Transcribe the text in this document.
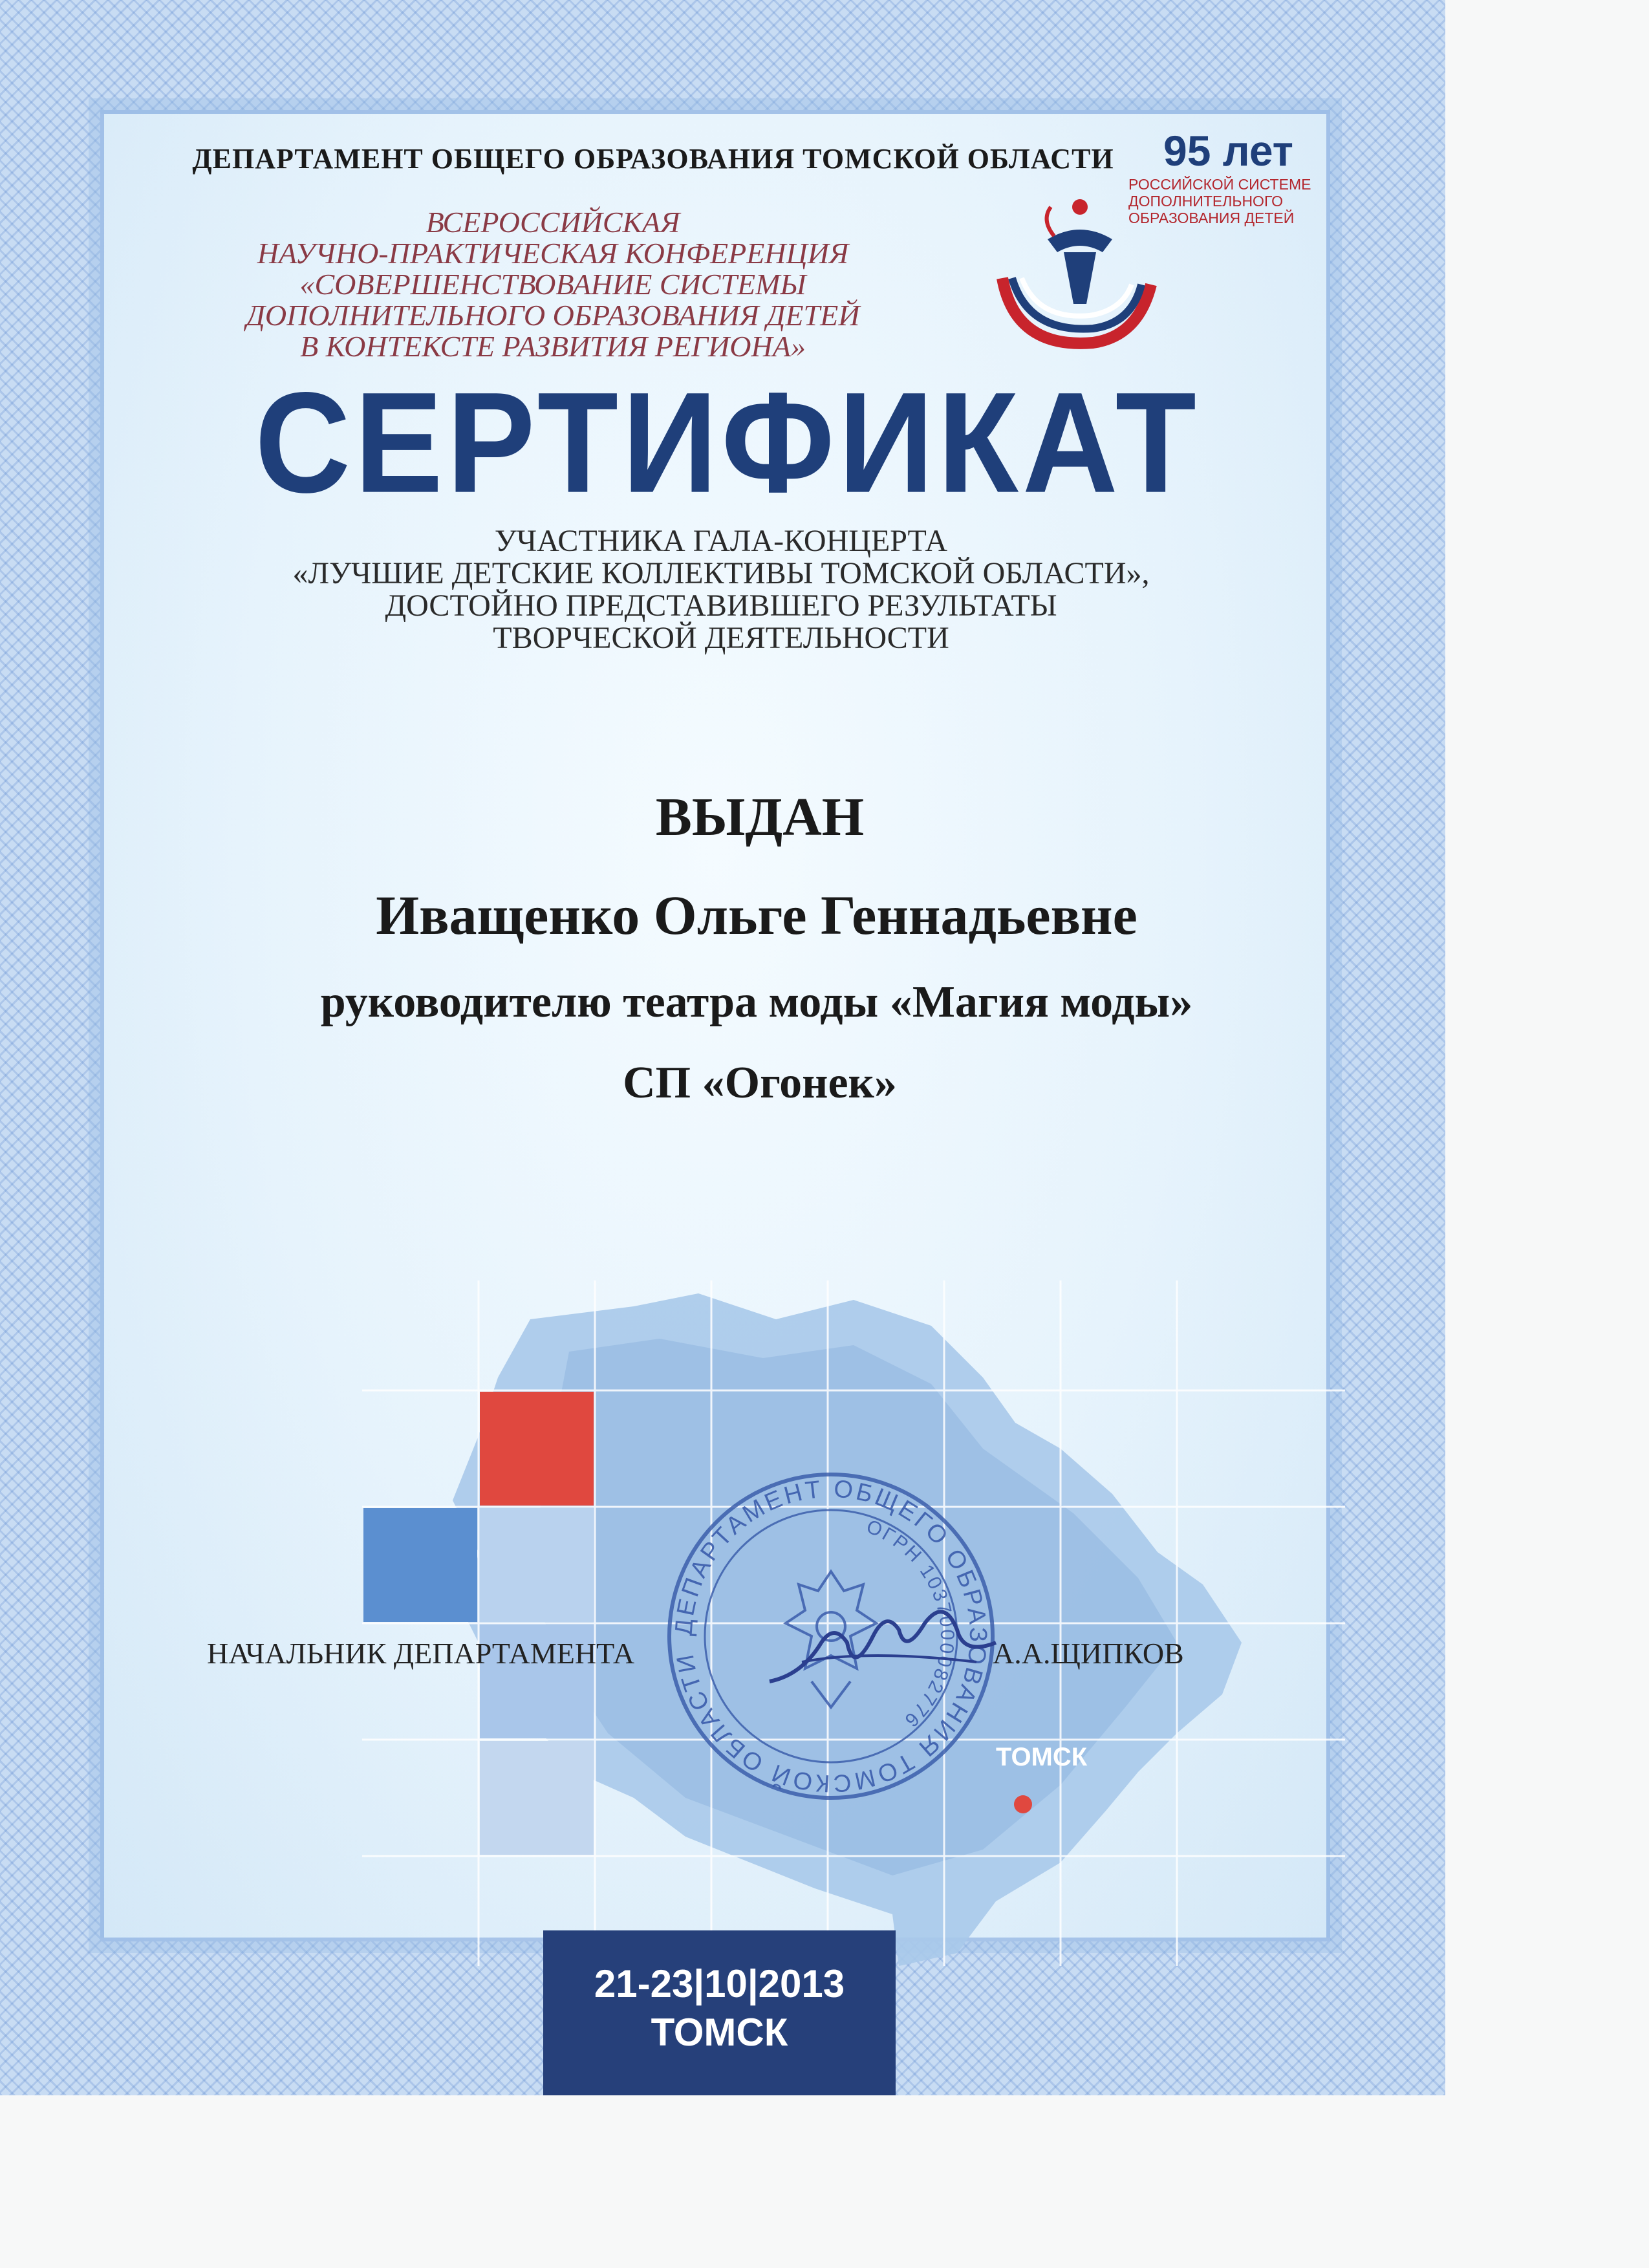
ДЕПАРТАМЕНТ ОБЩЕГО ОБРАЗОВАНИЯ ТОМСКОЙ ОБЛАСТИ	95 лет
РОССИЙСКОЙ СИСТЕМЕ
ДОПОЛНИТЕЛЬНОГО
ОБРАЗОВАНИЯ ДЕТЕЙ
ВСЕРОССИЙСКАЯ
НАУЧНО-ПРАКТИЧЕСКАЯ КОНФЕРЕНЦИЯ
«СОВЕРШЕНСТВОВАНИЕ СИСТЕМЫ
ДОПОЛНИТЕЛЬНОГО ОБРАЗОВАНИЯ ДЕТЕЙ
В КОНТЕКСТЕ РАЗВИТИЯ РЕГИОНА»
СЕРТИФИКАТ
УЧАСТНИКА ГАЛА-КОНЦЕРТА
«ЛУЧШИЕ ДЕТСКИЕ КОЛЛЕКТИВЫ ТОМСКОЙ ОБЛАСТИ»,
ДОСТОЙНО ПРЕДСТАВИВШЕГО РЕЗУЛЬТАТЫ
ТВОРЧЕСКОЙ ДЕЯТЕЛЬНОСТИ
ВЫДАН
Иващенко Ольге Геннадьевне
руководителю театра моды «Магия моды»
СП «Огонек»
ТОМСК
ДЕПАРТАМЕНТ ОБЩЕГО ОБРАЗОВАНИЯ ТОМСКОЙ ОБЛАСТИ
ОГРН 1037000082776
НАЧАЛЬНИК ДЕПАРТАМЕНТА	А.А.ЩИПКОВ
21-23|10|2013
ТОМСК
